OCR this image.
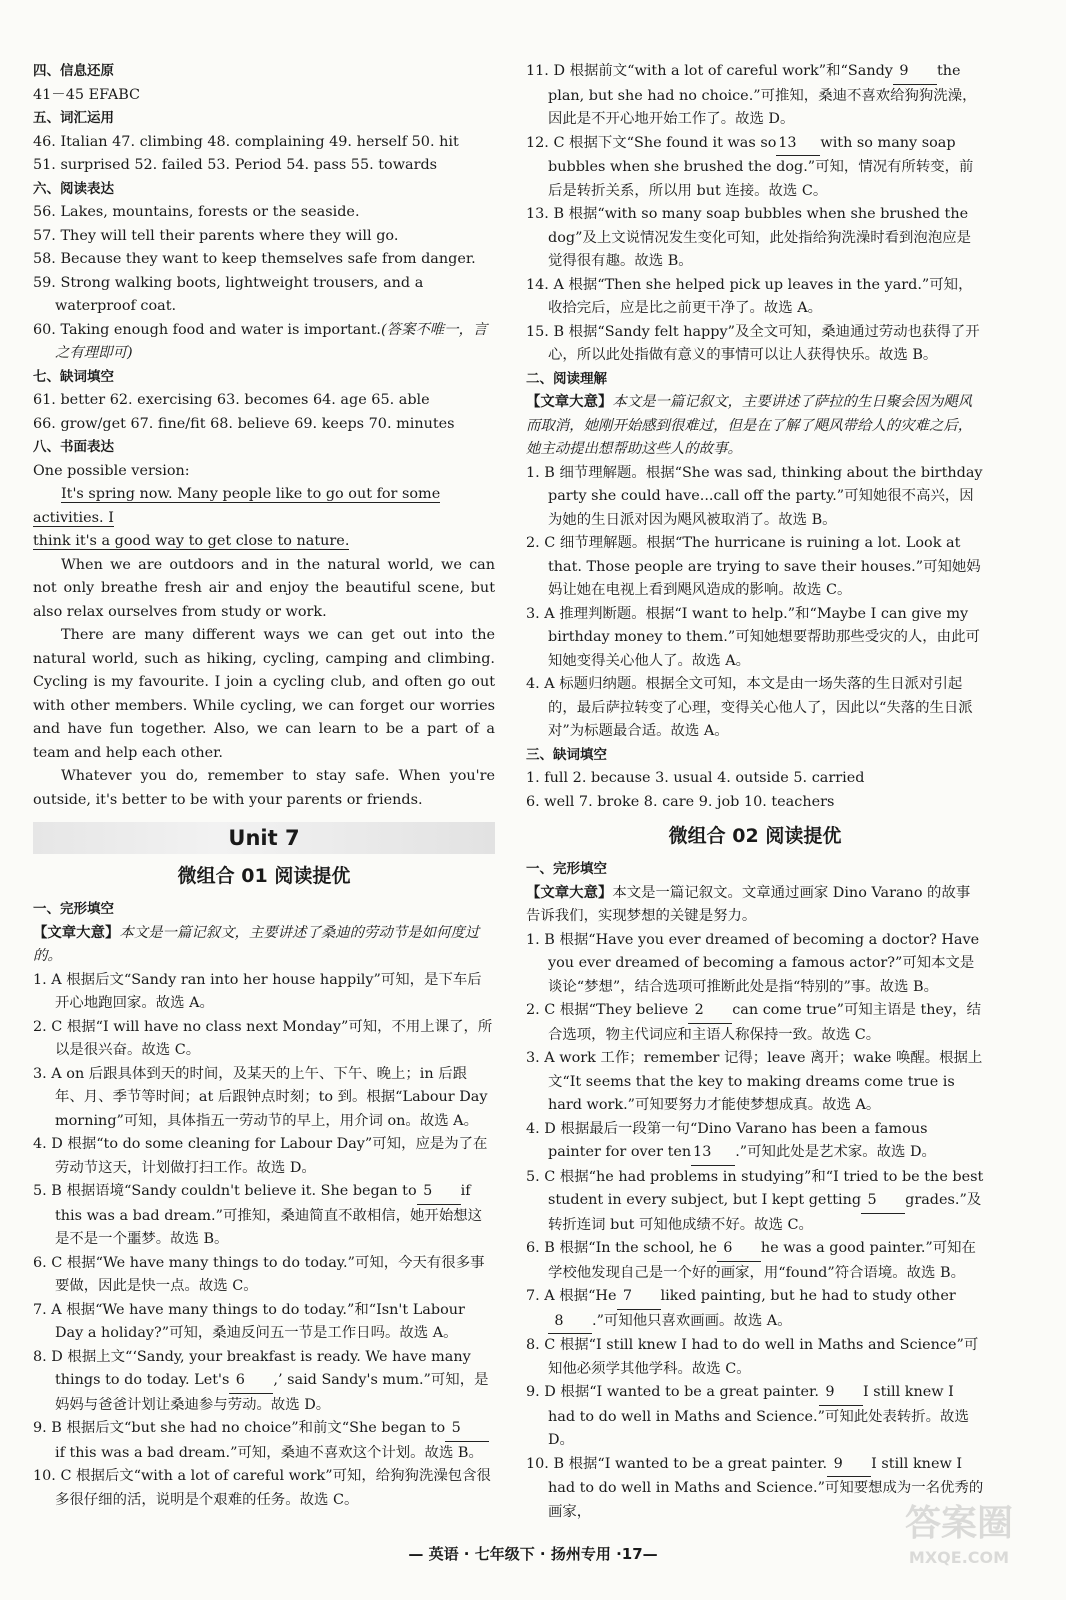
四、信息还原

41－45 EFABC

五、词汇运用

46. Italian 47. climbing 48. complaining 49. herself 50. hit

51. surprised 52. failed 53. Period 54. pass 55. towards

六、阅读表达

56. Lakes, mountains, forests or the seaside.

57. They will tell their parents where they will go.

58. Because they want to keep themselves safe from danger.

59. Strong walking boots, lightweight trousers, and a waterproof coat.

60. Taking enough food and water is important.(答案不唯一，言之有理即可)

七、缺词填空

61. better 62. exercising 63. becomes 64. age 65. able

66. grow/get 67. fine/fit 68. believe 69. keeps 70. minutes

八、书面表达

One possible version:

It's spring now. Many people like to go out for some activities. I

think it's a good way to get close to nature.

When we are outdoors and in the natural world, we can not only breathe fresh air and enjoy the beautiful scene, but also relax ourselves from study or work.

There are many different ways we can get out into the natural world, such as hiking, cycling, camping and climbing. Cycling is my favourite. I join a cycling club, and often go out with other members. While cycling, we can forget our worries and have fun together. Also, we can learn to be a part of a team and help each other.

Whatever you do, remember to stay safe. When you're outside, it's better to be with your parents or friends.

Unit 7
微组合 01 阅读提优

一、完形填空

【文章大意】本文是一篇记叙文，主要讲述了桑迪的劳动节是如何度过的。

1. A 根据后文“Sandy ran into her house happily”可知，是下车后开心地跑回家。故选 A。

2. C 根据“I will have no class next Monday”可知，不用上课了，所以是很兴奋。故选 C。

3. A on 后跟具体到天的时间，及某天的上午、下午、晚上；in 后跟年、月、季节等时间；at 后跟钟点时刻；to 到。根据“Labour Day morning”可知，具体指五一劳动节的早上，用介词 on。故选 A。

4. D 根据“to do some cleaning for Labour Day”可知，应是为了在劳动节这天，计划做打扫工作。故选 D。

5. B 根据语境“Sandy couldn't believe it. She began to 5 if this was a bad dream.”可推知，桑迪简直不敢相信，她开始想这是不是一个噩梦。故选 B。

6. C 根据“We have many things to do today.”可知，今天有很多事要做，因此是快一点。故选 C。

7. A 根据“We have many things to do today.”和“Isn't Labour Day a holiday?”可知，桑迪反问五一节是工作日吗。故选 A。

8. D 根据上文“‘Sandy, your breakfast is ready. We have many things to do today. Let's 6 ,’ said Sandy's mum.”可知，是妈妈与爸爸计划让桑迪参与劳动。故选 D。

9. B 根据后文“but she had no choice”和前文“She began to 5if this was a bad dream.”可知，桑迪不喜欢这个计划。故选 B。

10. C 根据后文“with a lot of careful work”可知，给狗狗洗澡包含很多很仔细的活，说明是个艰难的任务。故选 C。

11. D 根据前文“with a lot of careful work”和“Sandy 9 the plan, but she had no choice.”可推知，桑迪不喜欢给狗狗洗澡，因此是不开心地开始工作了。故选 D。

12. C 根据下文“She found it was so 13 with so many soap bubbles when she brushed the dog.”可知，情况有所转变，前后是转折关系，所以用 but 连接。故选 C。

13. B 根据“with so many soap bubbles when she brushed the dog”及上文说情况发生变化可知，此处指给狗洗澡时看到泡泡应是觉得很有趣。故选 B。

14. A 根据“Then she helped pick up leaves in the yard.”可知，收拾完后，应是比之前更干净了。故选 A。

15. B 根据“Sandy felt happy”及全文可知，桑迪通过劳动也获得了开心，所以此处指做有意义的事情可以让人获得快乐。故选 B。

二、阅读理解

【文章大意】本文是一篇记叙文，主要讲述了萨拉的生日聚会因为飓风而取消，她刚开始感到很难过，但是在了解了飓风带给人的灾难之后，她主动提出想帮助这些人的故事。

1. B 细节理解题。根据“She was sad, thinking about the birthday party she could have...call off the party.”可知她很不高兴，因为她的生日派对因为飓风被取消了。故选 B。

2. C 细节理解题。根据“The hurricane is ruining a lot. Look at that. Those people are trying to save their houses.”可知她妈妈让她在电视上看到飓风造成的影响。故选 C。

3. A 推理判断题。根据“I want to help.”和“Maybe I can give my birthday money to them.”可知她想要帮助那些受灾的人，由此可知她变得关心他人了。故选 A。

4. A 标题归纳题。根据全文可知，本文是由一场失落的生日派对引起的，最后萨拉转变了心理，变得关心他人了，因此以“失落的生日派对”为标题最合适。故选 A。

三、缺词填空

1. full 2. because 3. usual 4. outside 5. carried

6. well 7. broke 8. care 9. job 10. teachers

微组合 02 阅读提优

一、完形填空

【文章大意】本文是一篇记叙文。文章通过画家 Dino Varano 的故事告诉我们，实现梦想的关键是努力。

1. B 根据“Have you ever dreamed of becoming a doctor? Have you ever dreamed of becoming a famous actor?”可知本文是谈论“梦想”，结合选项可推断此处是指“特别的”事。故选 B。

2. C 根据“They believe 2 can come true”可知主语是 they，结合选项，物主代词应和主语人称保持一致。故选 C。

3. A work 工作；remember 记得；leave 离开；wake 唤醒。根据上文“It seems that the key to making dreams come true is hard work.”可知要努力才能使梦想成真。故选 A。

4. D 根据最后一段第一句“Dino Varano has been a famous painter for over ten 13 .”可知此处是艺术家。故选 D。

5. C 根据“he had problems in studying”和“I tried to be the best student in every subject, but I kept getting 5 grades.”及转折连词 but 可知他成绩不好。故选 C。

6. B 根据“In the school, he 6 he was a good painter.”可知在学校他发现自己是一个好的画家，用“found”符合语境。故选 B。

7. A 根据“He 7 liked painting, but he had to study other8 .”可知他只喜欢画画。故选 A。

8. C 根据“I still knew I had to do well in Maths and Science”可知他必须学其他学科。故选 C。

9. D 根据“I wanted to be a great painter. 9 I still knew I had to do well in Maths and Science.”可知此处表转折。故选 D。

10. B 根据“I wanted to be a great painter. 9 I still knew I had to do well in Maths and Science.”可知要想成为一名优秀的画家，

— 英语 · 七年级下 · 扬州专用 ·17—
答案圈
MXQE.COM
